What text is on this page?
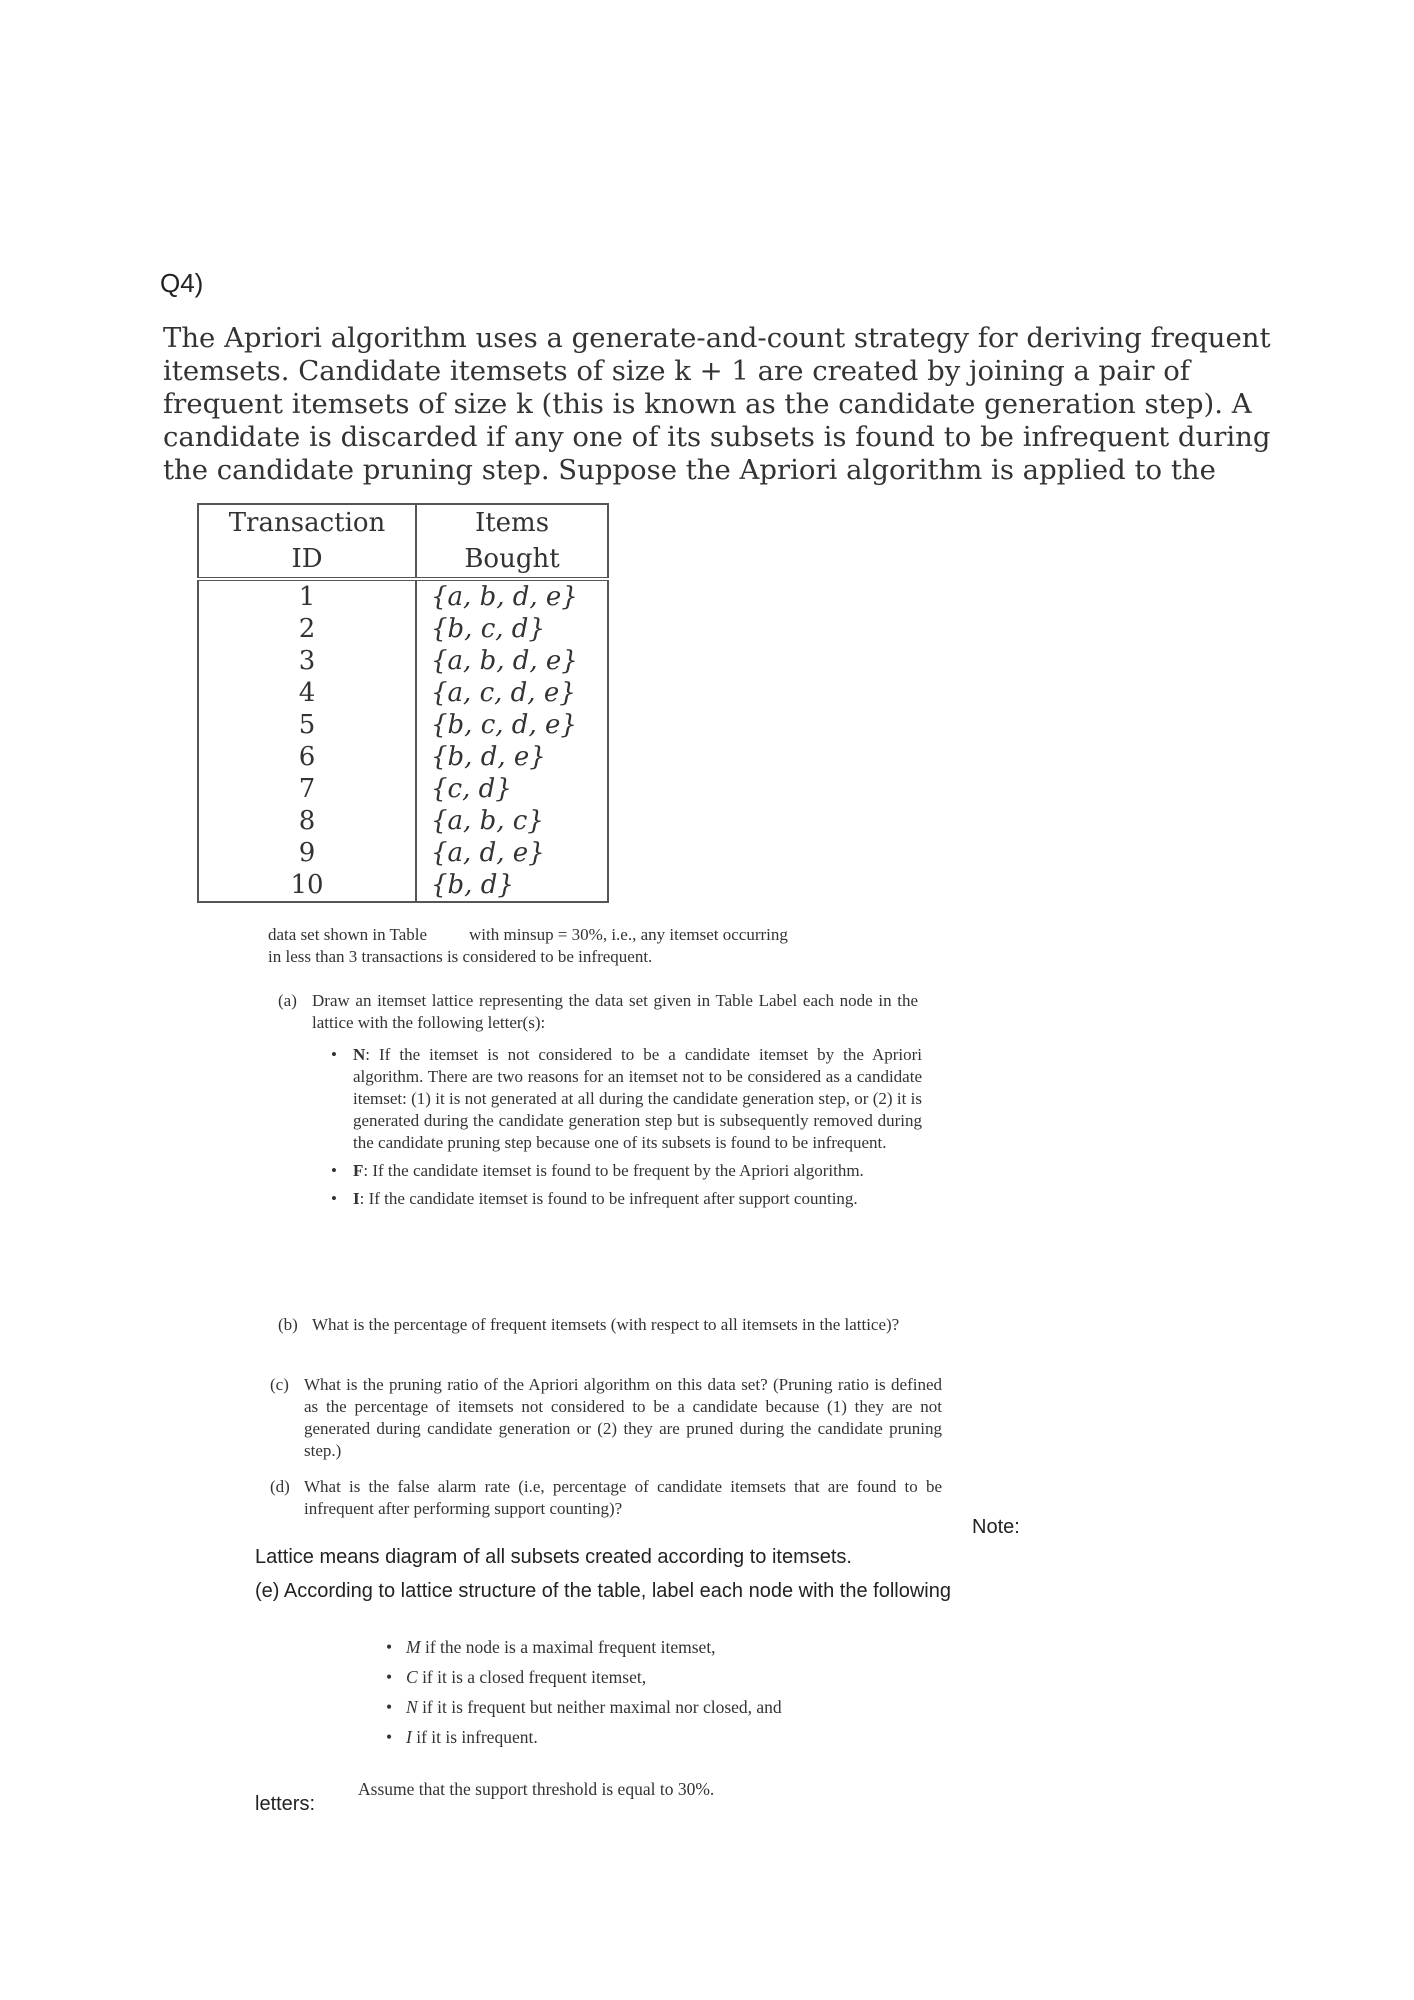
Q4)
The Apriori algorithm uses a generate-and-count strategy for deriving frequent
itemsets. Candidate itemsets of size k + 1 are created by joining a pair of
frequent itemsets of size k (this is known as the candidate generation step). A
candidate is discarded if any one of its subsets is found to be infrequent during
the candidate pruning step. Suppose the Apriori algorithm is applied to the
Transaction ID	Items Bought
1	{a, b, d, e}
2	{b, c, d}
3	{a, b, d, e}
4	{a, c, d, e}
5	{b, c, d, e}
6	{b, d, e}
7	{c, d}
8	{a, b, c}
9	{a, d, e}
10	{b, d}
data set shown in Table with minsup = 30%, i.e., any itemset occurring
in less than 3 transactions is considered to be infrequent.
(a) Draw an itemset lattice representing the data set given in Table Label each node in the lattice with the following letter(s):
• N: If the itemset is not considered to be a candidate itemset by the Apriori algorithm. There are two reasons for an itemset not to be considered as a candidate itemset: (1) it is not generated at all during the candidate generation step, or (2) it is generated during the candidate generation step but is subsequently removed during the candidate pruning step because one of its subsets is found to be infrequent.
• F: If the candidate itemset is found to be frequent by the Apriori algorithm.
• I: If the candidate itemset is found to be infrequent after support counting.
(b) What is the percentage of frequent itemsets (with respect to all itemsets in the lattice)?
(c) What is the pruning ratio of the Apriori algorithm on this data set? (Pruning ratio is defined as the percentage of itemsets not considered to be a candidate because (1) they are not generated during candidate generation or (2) they are pruned during the candidate pruning step.)
(d) What is the false alarm rate (i.e, percentage of candidate itemsets that are found to be infrequent after performing support counting)?
Note:
Lattice means diagram of all subsets created according to itemsets.
(e) According to lattice structure of the table, label each node with the following
• M if the node is a maximal frequent itemset,
• C if it is a closed frequent itemset,
• N if it is frequent but neither maximal nor closed, and
• I if it is infrequent.
Assume that the support threshold is equal to 30%.
letters:
